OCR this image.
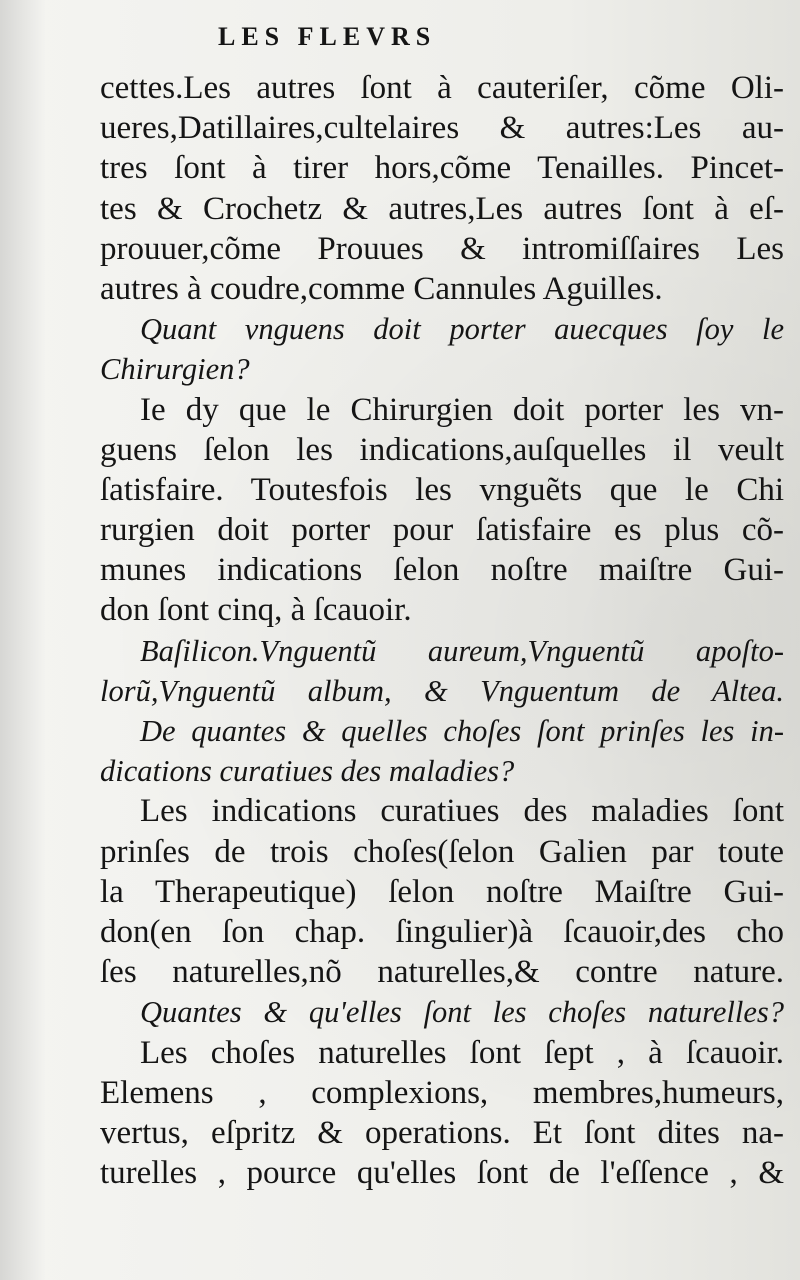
LES FLEVRS
cettes.Les autres ſont à cauteriſer, cõme Oli-
ueres,Datillaires,cultelaires & autres:Les au-
tres ſont à tirer hors,cõme Tenailles. Pincet-
tes & Crochetz & autres,Les autres ſont à eſ-
prouuer,cõme Prouues & intromiſſaires Les
autres à coudre,comme Cannules Aguilles.
Quant vnguens doit porter auecques ſoy le
Chirurgien?
Ie dy que le Chirurgien doit porter les vn-
guens ſelon les indications,auſquelles il veult
ſatisfaire. Toutesfois les vnguẽts que le Chi
rurgien doit porter pour ſatisfaire es plus cõ-
munes indications ſelon noſtre maiſtre Gui-
don ſont cinq, à ſcauoir.
Baſilicon.Vnguentũ aureum,Vnguentũ apoſto-
lorũ,Vnguentũ album, & Vnguentum de Altea.
De quantes & quelles choſes ſont prinſes les in-
dications curatiues des maladies?
Les indications curatiues des maladies ſont
prinſes de trois choſes(ſelon Galien par toute
la Therapeutique) ſelon noſtre Maiſtre Gui-
don(en ſon chap. ſingulier)à ſcauoir,des cho
ſes naturelles,nõ naturelles,& contre nature.
Quantes & qu'elles ſont les choſes naturelles?
Les choſes naturelles ſont ſept , à ſcauoir.
Elemens , complexions, membres,humeurs,
vertus, eſpritz & operations. Et ſont dites na-
turelles , pource qu'elles ſont de l'eſſence , &
